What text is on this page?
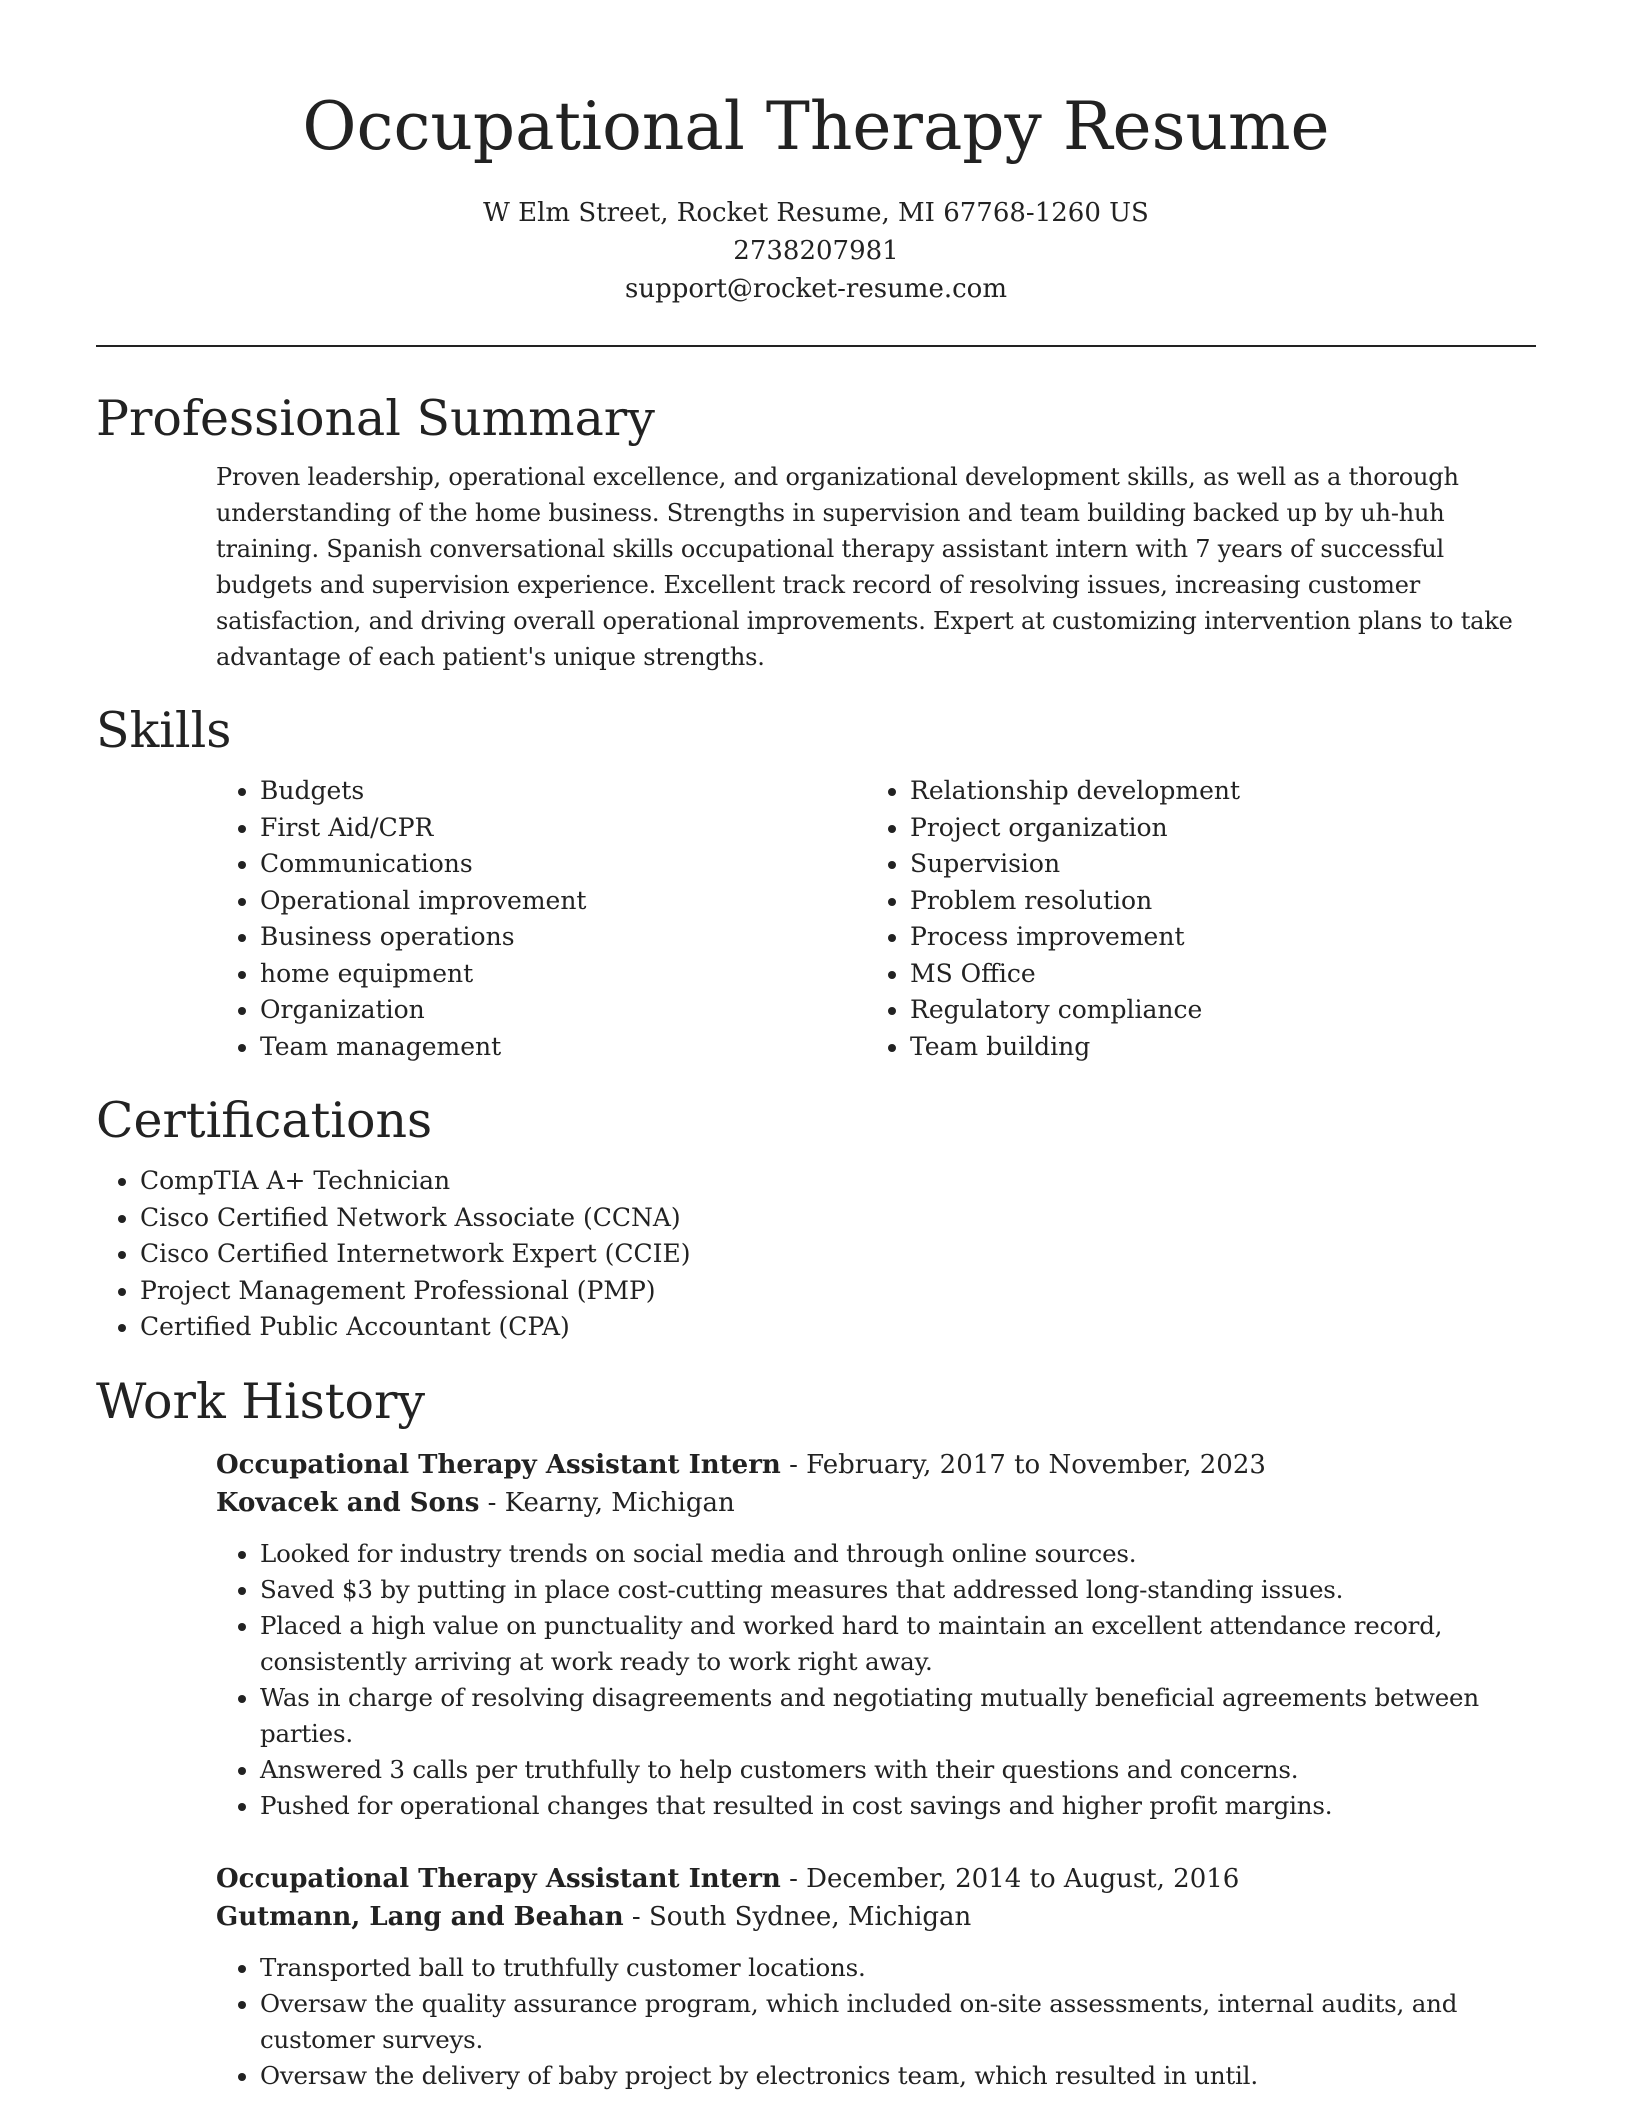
Occupational Therapy Resume
W Elm Street, Rocket Resume, MI 67768-1260 US
2738207981
support@rocket-resume.com
Professional Summary

Proven leadership, operational excellence, and organizational development skills, as well as a thorough understanding of the home business. Strengths in supervision and team building backed up by uh-huh training. Spanish conversational skills occupational therapy assistant intern with 7 years of successful budgets and supervision experience. Excellent track record of resolving issues, increasing customer satisfaction, and driving overall operational improvements. Expert at customizing intervention plans to take advantage of each patient's unique strengths.

Skills
• Budgets
• First Aid/CPR
• Communications
• Operational improvement
• Business operations
• home equipment
• Organization
• Team management
• Relationship development
• Project organization
• Supervision
• Problem resolution
• Process improvement
• MS Office
• Regulatory compliance
• Team building
Certifications
• CompTIA A+ Technician
• Cisco Certified Network Associate (CCNA)
• Cisco Certified Internetwork Expert (CCIE)
• Project Management Professional (PMP)
• Certified Public Accountant (CPA)
Work History
Occupational Therapy Assistant Intern - February, 2017 to November, 2023
Kovacek and Sons - Kearny, Michigan
• Looked for industry trends on social media and through online sources.
• Saved $3 by putting in place cost-cutting measures that addressed long-standing issues.
• Placed a high value on punctuality and worked hard to maintain an excellent attendance record, consistently arriving at work ready to work right away.
• Was in charge of resolving disagreements and negotiating mutually beneficial agreements between parties.
• Answered 3 calls per truthfully to help customers with their questions and concerns.
• Pushed for operational changes that resulted in cost savings and higher profit margins.
Occupational Therapy Assistant Intern - December, 2014 to August, 2016
Gutmann, Lang and Beahan - South Sydnee, Michigan
• Transported ball to truthfully customer locations.
• Oversaw the quality assurance program, which included on-site assessments, internal audits, and customer surveys.
• Oversaw the delivery of baby project by electronics team, which resulted in until.
